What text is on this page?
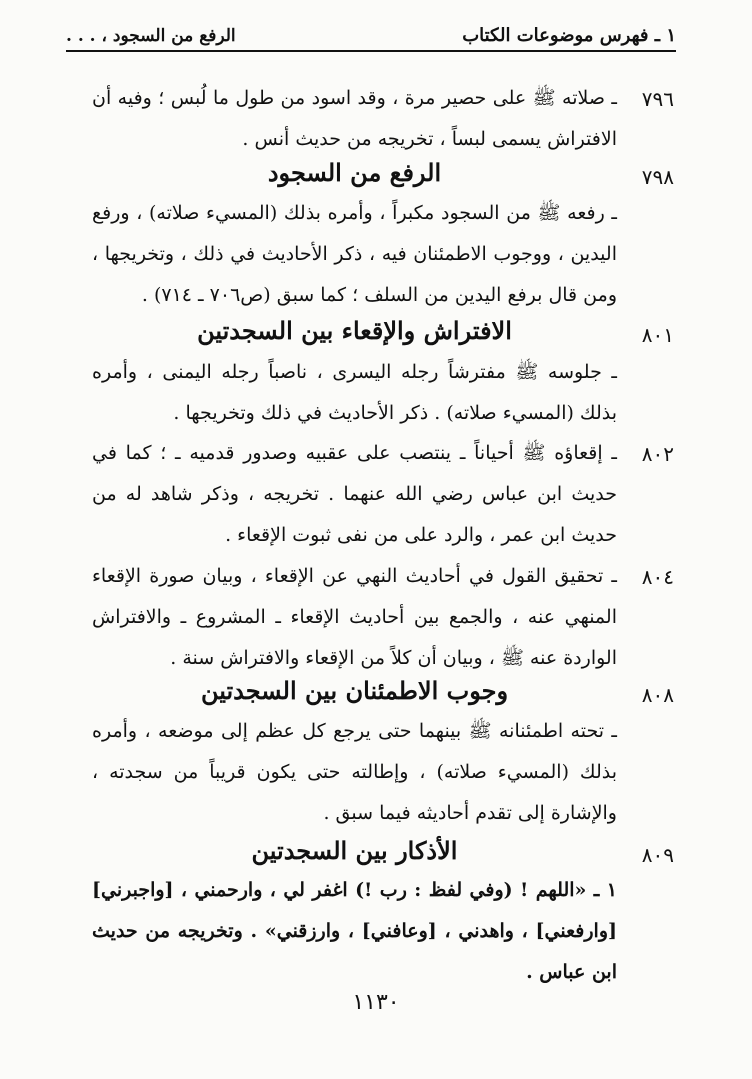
١ ـ فهرس موضوعات الكتاب
الرفع من السجود ، . . .
٧٩٦
ـ صلاته ﷺ على حصير مرة ، وقد اسود من طول ما لُبس ؛ وفيه أن الافتراش يسمى لبساً ، تخريجه من حديث أنس .
٧٩٨
الرفع من السجود
ـ رفعه ﷺ من السجود مكبراً ، وأمره بذلك (المسيء صلاته) ، ورفع اليدين ، ووجوب الاطمئنان فيه ، ذكر الأحاديث في ذلك ، وتخريجها ، ومن قال برفع اليدين من السلف ؛ كما سبق (ص٧٠٦ ـ ٧١٤) .
٨٠١
الافتراش والإقعاء بين السجدتين
ـ جلوسه ﷺ مفترشاً رجله اليسرى ، ناصباً رجله اليمنى ، وأمره بذلك (المسيء صلاته) . ذكر الأحاديث في ذلك وتخريجها .
٨٠٢
ـ إقعاؤه ﷺ أحياناً ـ ينتصب على عقبيه وصدور قدميه ـ ؛ كما في حديث ابن عباس رضي الله عنهما . تخريجه ، وذكر شاهد له من حديث ابن عمر ، والرد على من نفى ثبوت الإقعاء .
٨٠٤
ـ تحقيق القول في أحاديث النهي عن الإقعاء ، وبيان صورة الإقعاء المنهي عنه ، والجمع بين أحاديث الإقعاء ـ المشروع ـ والافتراش الواردة عنه ﷺ ، وبيان أن كلاً من الإقعاء والافتراش سنة .
٨٠٨
وجوب الاطمئنان بين السجدتين
ـ تحته اطمئنانه ﷺ بينهما حتى يرجع كل عظم إلى موضعه ، وأمره بذلك (المسيء صلاته) ، وإطالته حتى يكون قريباً من سجدته ، والإشارة إلى تقدم أحاديثه فيما سبق .
٨٠٩
الأذكار بين السجدتين
١ ـ «اللهم ! (وفي لفظ : رب !) اغفر لي ، وارحمني ، [واجبرني] [وارفعني] ، واهدني ، [وعافني] ، وارزقني» . وتخريجه من حديث ابن عباس .
١١٣٠
